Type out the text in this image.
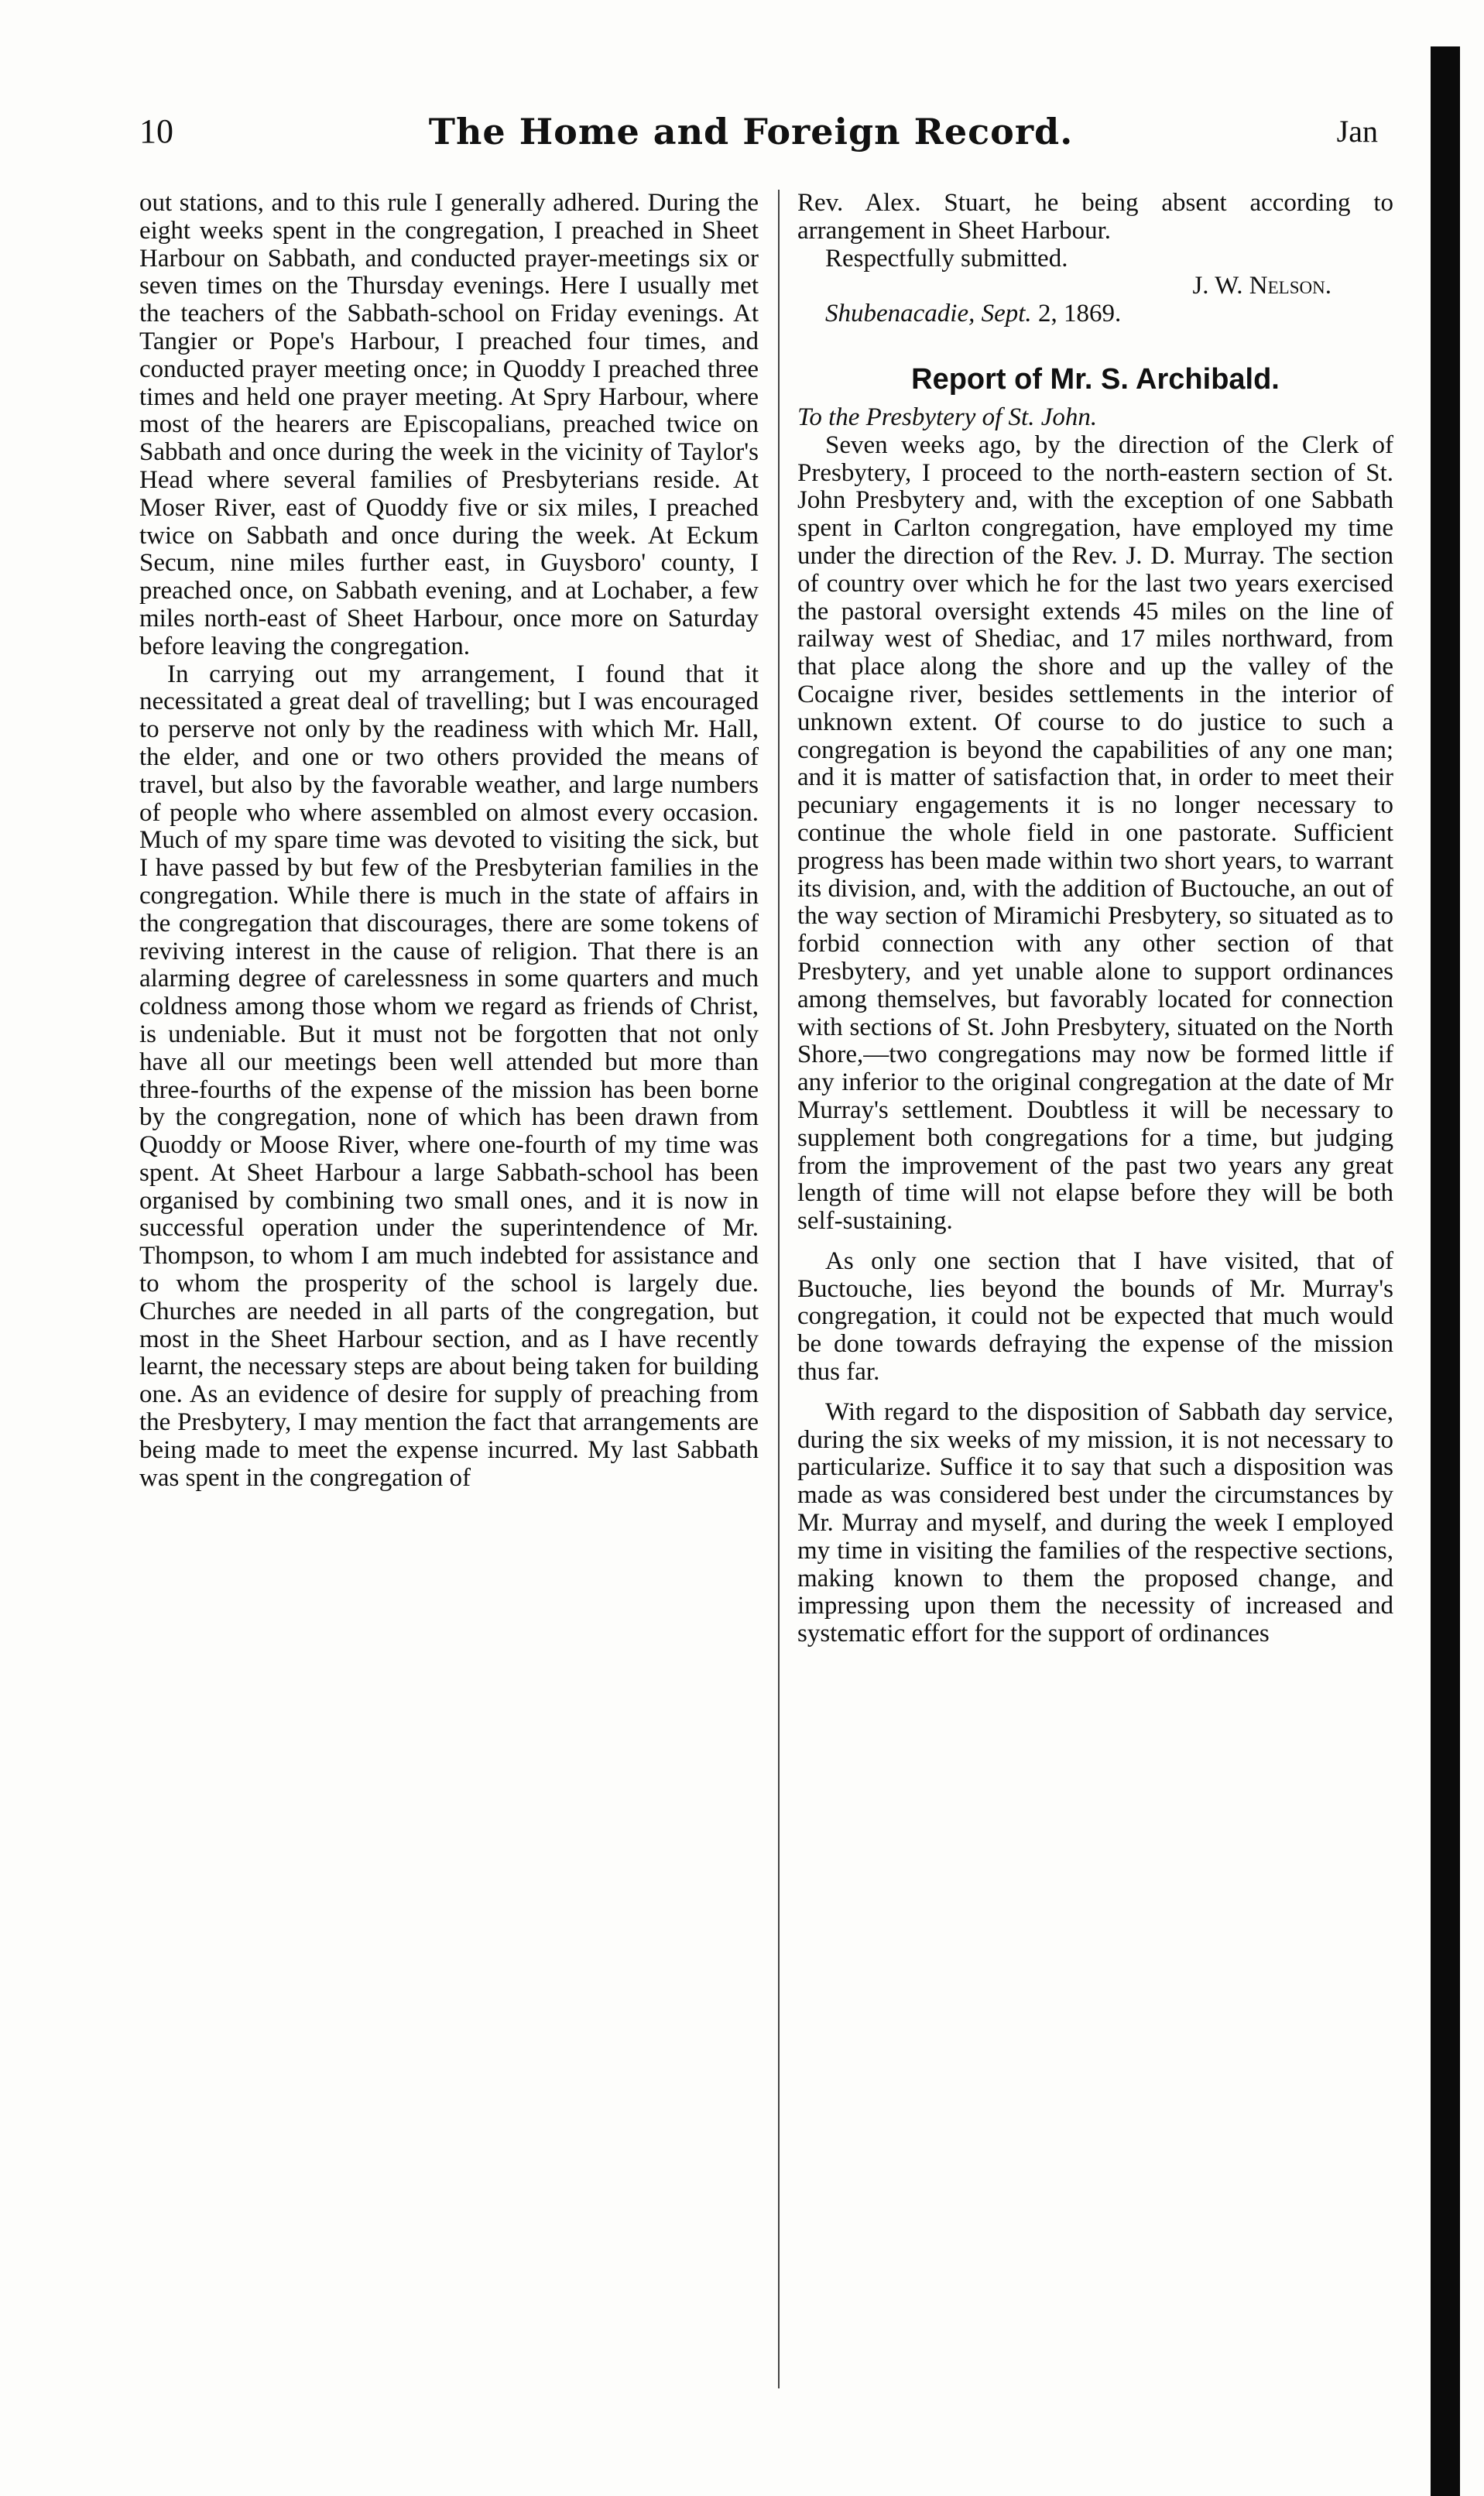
10	The Home and Foreign Record.	Jan

out stations, and to this rule I generally adhered. During the eight weeks spent in the congregation, I preached in Sheet Harbour on Sabbath, and conducted prayer-meetings six or seven times on the Thursday evenings. Here I usually met the teachers of the Sabbath-school on Friday evenings. At Tangier or Pope's Harbour, I preached four times, and conducted prayer meeting once; in Quoddy I preached three times and held one prayer meeting. At Spry Harbour, where most of the hearers are Episcopalians, preached twice on Sabbath and once during the week in the vicinity of Taylor's Head where several families of Presbyterians reside. At Moser River, east of Quoddy five or six miles, I preached twice on Sabbath and once during the week. At Eckum Secum, nine miles further east, in Guysboro' county, I preached once, on Sabbath evening, and at Lochaber, a few miles north-east of Sheet Harbour, once more on Saturday before leaving the congregation.

In carrying out my arrangement, I found that it necessitated a great deal of travelling; but I was encouraged to perserve not only by the readiness with which Mr. Hall, the elder, and one or two others provided the means of travel, but also by the favorable weather, and large numbers of people who where assembled on almost every occasion. Much of my spare time was devoted to visiting the sick, but I have passed by but few of the Presbyterian families in the congregation. While there is much in the state of affairs in the congregation that discourages, there are some tokens of reviving interest in the cause of religion. That there is an alarming degree of carelessness in some quarters and much coldness among those whom we regard as friends of Christ, is undeniable. But it must not be forgotten that not only have all our meetings been well attended but more than three-fourths of the expense of the mission has been borne by the congregation, none of which has been drawn from Quoddy or Moose River, where one-fourth of my time was spent. At Sheet Harbour a large Sabbath-school has been organised by combining two small ones, and it is now in successful operation under the superintendence of Mr. Thompson, to whom I am much indebted for assistance and to whom the prosperity of the school is largely due. Churches are needed in all parts of the congregation, but most in the Sheet Harbour section, and as I have recently learnt, the necessary steps are about being taken for building one. As an evidence of desire for supply of preaching from the Presbytery, I may mention the fact that arrangements are being made to meet the expense incurred. My last Sabbath was spent in the congregation of

Rev. Alex. Stuart, he being absent according to arrangement in Sheet Harbour.

Respectfully submitted.

J. W. Nelson.

Shubenacadie, Sept. 2, 1869.

Report of Mr. S. Archibald.

To the Presbytery of St. John.

Seven weeks ago, by the direction of the Clerk of Presbytery, I proceed to the north-eastern section of St. John Presbytery and, with the exception of one Sabbath spent in Carlton congregation, have employed my time under the direction of the Rev. J. D. Murray. The section of country over which he for the last two years exercised the pastoral oversight extends 45 miles on the line of railway west of Shediac, and 17 miles northward, from that place along the shore and up the valley of the Cocaigne river, besides settlements in the interior of unknown extent. Of course to do justice to such a congregation is beyond the capabilities of any one man; and it is matter of satisfaction that, in order to meet their pecuniary engagements it is no longer necessary to continue the whole field in one pastorate. Sufficient progress has been made within two short years, to warrant its division, and, with the addition of Buctouche, an out of the way section of Miramichi Presbytery, so situated as to forbid connection with any other section of that Presbytery, and yet unable alone to support ordinances among themselves, but favorably located for connection with sections of St. John Presbytery, situated on the North Shore,—two congregations may now be formed little if any inferior to the original congregation at the date of Mr Murray's settlement. Doubtless it will be necessary to supplement both congregations for a time, but judging from the improvement of the past two years any great length of time will not elapse before they will be both self-sustaining.

As only one section that I have visited, that of Buctouche, lies beyond the bounds of Mr. Murray's congregation, it could not be expected that much would be done towards defraying the expense of the mission thus far.

With regard to the disposition of Sabbath day service, during the six weeks of my mission, it is not necessary to particularize. Suffice it to say that such a disposition was made as was considered best under the circumstances by Mr. Murray and myself, and during the week I employed my time in visiting the families of the respective sections, making known to them the proposed change, and impressing upon them the necessity of increased and systematic effort for the support of ordinances
